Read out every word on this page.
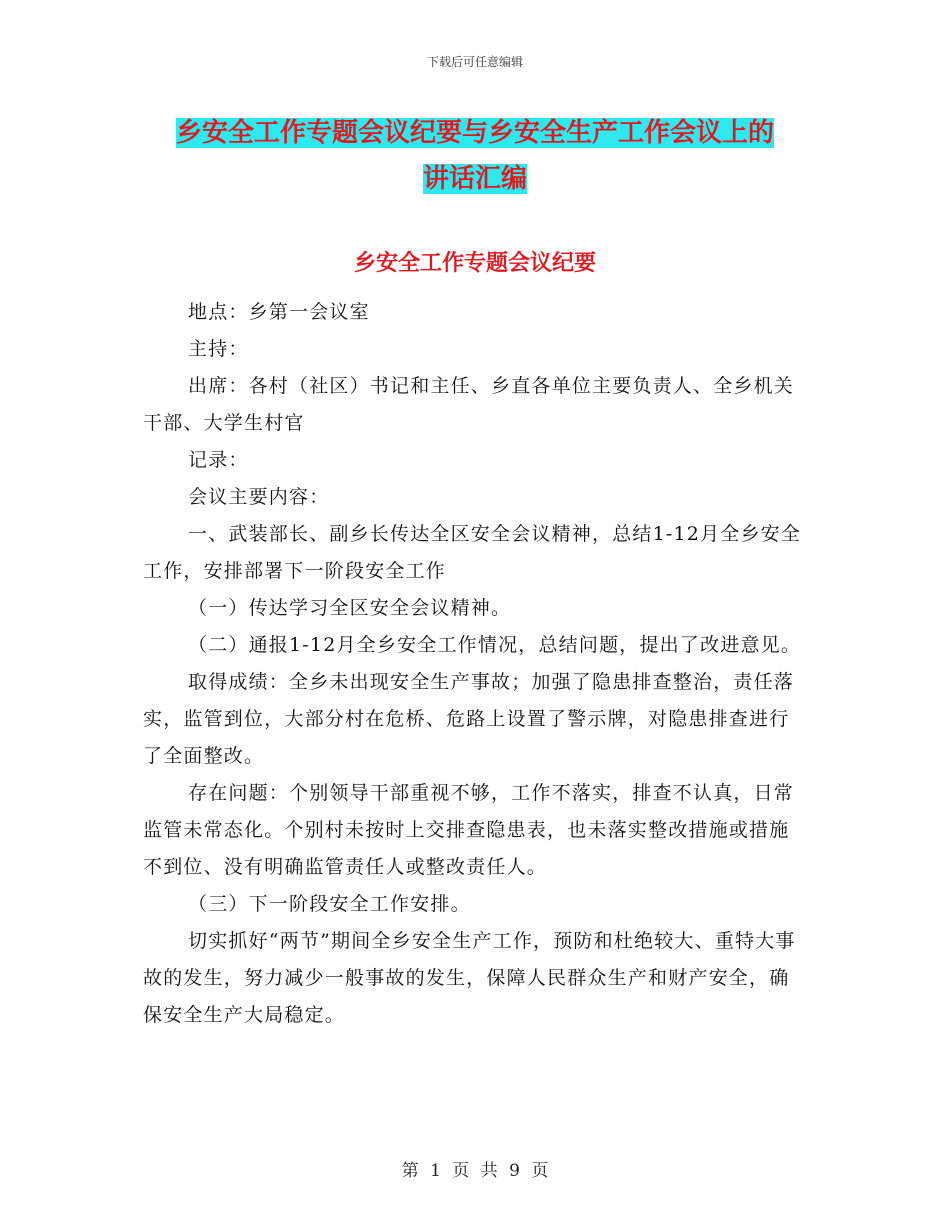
下载后可任意编辑
乡安全工作专题会议纪要与乡安全生产工作会议上的
讲话汇编
乡安全工作专题会议纪要

地点：乡第一会议室

主持：

出席：各村（社区）书记和主任、乡直各单位主要负责人、全乡机关干部、大学生村官

记录：

会议主要内容：

一、武装部长、副乡长传达全区安全会议精神，总结1-12月全乡安全工作，安排部署下一阶段安全工作

（一）传达学习全区安全会议精神。

（二）通报1-12月全乡安全工作情况，总结问题，提出了改进意见。

取得成绩：全乡未出现安全生产事故；加强了隐患排查整治，责任落实，监管到位，大部分村在危桥、危路上设置了警示牌，对隐患排查进行了全面整改。

存在问题：个别领导干部重视不够，工作不落实，排查不认真，日常监管未常态化。个别村未按时上交排查隐患表，也未落实整改措施或措施不到位、没有明确监管责任人或整改责任人。

（三）下一阶段安全工作安排。

切实抓好“两节”期间全乡安全生产工作，预防和杜绝较大、重特大事故的发生，努力减少一般事故的发生，保障人民群众生产和财产安全，确保安全生产大局稳定。

第 1 页 共 9 页
